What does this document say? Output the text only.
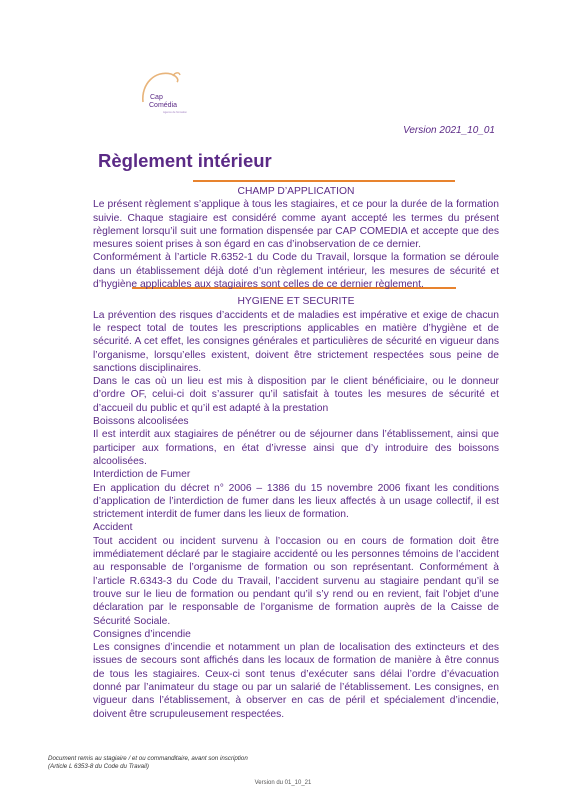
Cap
Comédia
Agence de formation
Version 2021_10_01
Règlement intérieur

CHAMP D’APPLICATION

Le présent règlement s’applique à tous les stagiaires, et ce pour la durée de la formation suivie. Chaque stagiaire est considéré comme ayant accepté les termes du présent règlement lorsqu’il suit une formation dispensée par CAP COMEDIA et accepte que des mesures soient prises à son égard en cas d’inobservation de ce dernier.

Conformément à l’article R.6352-1 du Code du Travail, lorsque la formation se déroule dans un établissement déjà doté d’un règlement intérieur, les mesures de sécurité et d’hygiène applicables aux stagiaires sont celles de ce dernier règlement.

HYGIENE ET SECURITE

La prévention des risques d’accidents et de maladies est impérative et exige de chacun le respect total de toutes les prescriptions applicables en matière d’hygiène et de sécurité. A cet effet, les consignes générales et particulières de sécurité en vigueur dans l’organisme, lorsqu’elles existent, doivent être strictement respectées sous peine de sanctions disciplinaires.

Dans le cas où un lieu est mis à disposition par le client bénéficiaire, ou le donneur d’ordre OF, celui-ci doit s’assurer qu’il satisfait à toutes les mesures de sécurité et d’accueil du public et qu’il est adapté à la prestation

Boissons alcoolisées

Il est interdit aux stagiaires de pénétrer ou de séjourner dans l’établissement, ainsi que participer aux formations, en état d’ivresse ainsi que d’y introduire des boissons alcoolisées.

Interdiction de Fumer

En application du décret n° 2006 – 1386 du 15 novembre 2006 fixant les conditions d’application de l’interdiction de fumer dans les lieux affectés à un usage collectif, il est strictement interdit de fumer dans les lieux de formation.

Accident

Tout accident ou incident survenu à l’occasion ou en cours de formation doit être immédiatement déclaré par le stagiaire accidenté ou les personnes témoins de l’accident au responsable de l’organisme de formation ou son représentant. Conformément à l’article R.6343-3 du Code du Travail, l’accident survenu au stagiaire pendant qu’il se trouve sur le lieu de formation ou pendant qu’il s’y rend ou en revient, fait l’objet d’une déclaration par le responsable de l’organisme de formation auprès de la Caisse de Sécurité Sociale.

Consignes d’incendie

Les consignes d’incendie et notamment un plan de localisation des extincteurs et des issues de secours sont affichés dans les locaux de formation de manière à être connus de tous les stagiaires. Ceux-ci sont tenus d’exécuter sans délai l’ordre d’évacuation donné par l’animateur du stage ou par un salarié de l’établissement. Les consignes, en vigueur dans l’établissement, à observer en cas de péril et spécialement d’incendie, doivent être scrupuleusement respectées.

Document remis au stagiaire / et ou commanditaire, avant son inscription
(Article L 6353-8 du Code du Travail)
Version du 01_10_21
